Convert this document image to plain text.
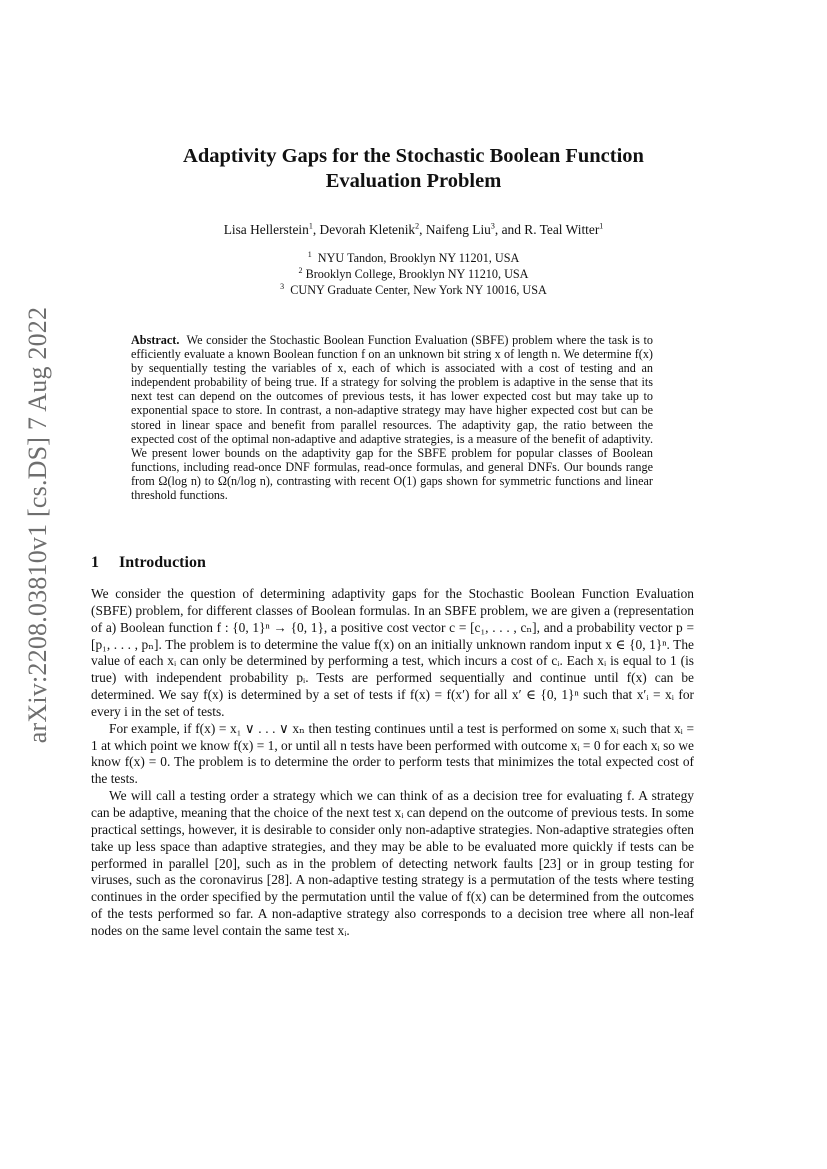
arXiv:2208.03810v1 [cs.DS] 7 Aug 2022
Adaptivity Gaps for the Stochastic Boolean Function
Evaluation Problem
Lisa Hellerstein$^1$, Devorah Kletenik$^2$, Naifeng Liu$^3$, and R. Teal Witter$^1$
$^1$ NYU Tandon, Brooklyn NY 11201, USA
$^2$ Brooklyn College, Brooklyn NY 11210, USA
$^3$ CUNY Graduate Center, New York NY 10016, USA
Abstract. We consider the Stochastic Boolean Function Evaluation (SBFE) problem where the task is to efficiently evaluate a known Boolean function f on an unknown bit string x of length n. We determine f(x) by sequentially testing the variables of x, each of which is associated with a cost of testing and an independent probability of being true. If a strategy for solving the problem is adaptive in the sense that its next test can depend on the outcomes of previous tests, it has lower expected cost but may take up to exponential space to store. In contrast, a non-adaptive strategy may have higher expected cost but can be stored in linear space and benefit from parallel resources. The adaptivity gap, the ratio between the expected cost of the optimal non-adaptive and adaptive strategies, is a measure of the benefit of adaptivity. We present lower bounds on the adaptivity gap for the SBFE problem for popular classes of Boolean functions, including read-once DNF formulas, read-once formulas, and general DNFs. Our bounds range from Ω(log n) to Ω(n/log n), contrasting with recent O(1) gaps shown for symmetric functions and linear threshold functions.
1 Introduction

We consider the question of determining adaptivity gaps for the Stochastic Boolean Function Evaluation (SBFE) problem, for different classes of Boolean formulas. In an SBFE problem, we are given a (representation of a) Boolean function f : {0, 1}ⁿ → {0, 1}, a positive cost vector c = [c₁, . . . , cₙ], and a probability vector p = [p₁, . . . , pₙ]. The problem is to determine the value f(x) on an initially unknown random input x ∈ {0, 1}ⁿ. The value of each xᵢ can only be determined by performing a test, which incurs a cost of cᵢ. Each xᵢ is equal to 1 (is true) with independent probability pᵢ. Tests are performed sequentially and continue until f(x) can be determined. We say f(x) is determined by a set of tests if f(x) = f(x′) for all x′ ∈ {0, 1}ⁿ such that x′ᵢ = xᵢ for every i in the set of tests.

For example, if f(x) = x₁ ∨ . . . ∨ xₙ then testing continues until a test is performed on some xᵢ such that xᵢ = 1 at which point we know f(x) = 1, or until all n tests have been performed with outcome xᵢ = 0 for each xᵢ so we know f(x) = 0. The problem is to determine the order to perform tests that minimizes the total expected cost of the tests.

We will call a testing order a strategy which we can think of as a decision tree for evaluating f. A strategy can be adaptive, meaning that the choice of the next test xᵢ can depend on the outcome of previous tests. In some practical settings, however, it is desirable to consider only non-adaptive strategies. Non-adaptive strategies often take up less space than adaptive strategies, and they may be able to be evaluated more quickly if tests can be performed in parallel [20], such as in the problem of detecting network faults [23] or in group testing for viruses, such as the coronavirus [28]. A non-adaptive testing strategy is a permutation of the tests where testing continues in the order specified by the permutation until the value of f(x) can be determined from the outcomes of the tests performed so far. A non-adaptive strategy also corresponds to a decision tree where all non-leaf nodes on the same level contain the same test xᵢ.
